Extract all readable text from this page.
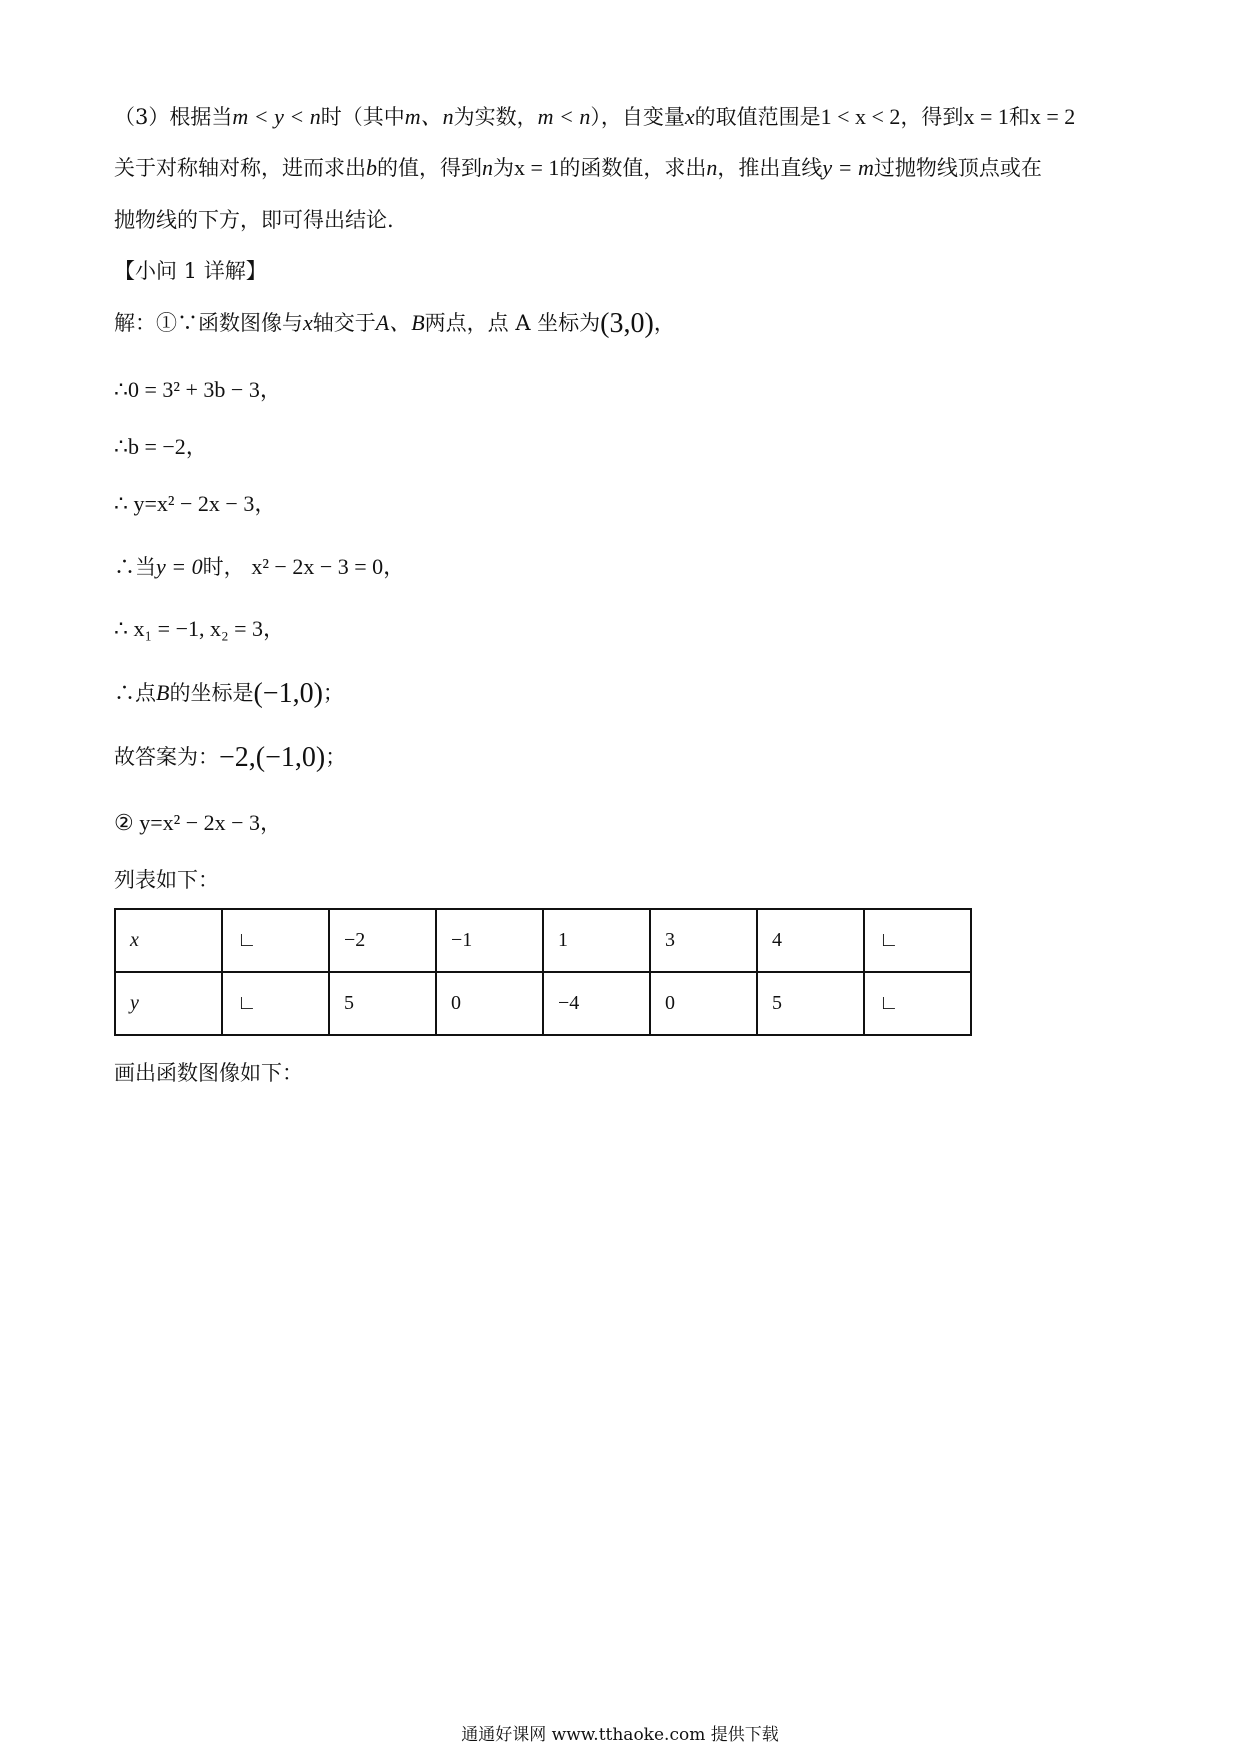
（3）根据当m < y < n时（其中m、n为实数，m < n），自变量x的取值范围是1 < x < 2，得到x = 1和x = 2
关于对称轴对称，进而求出b的值，得到n为x = 1的函数值，求出n，推出直线y = m过抛物线顶点或在
抛物线的下方，即可得出结论.
【小问 1 详解】
解：①∵函数图像与x轴交于A、B两点，点 A 坐标为(3,0)，
∴0 = 3² + 3b − 3，
∴b = −2，
∴ y=x² − 2x − 3，
∴当y = 0时， x² − 2x − 3 = 0，
∴ x₁ = −1, x₂ = 3，
∴点B的坐标是(−1,0)；
故答案为：−2,(−1,0)；
② y=x² − 2x − 3，
列表如下：
x	∟	−2	−1	1	3	4	∟
y	∟	5	0	−4	0	5	∟
画出函数图像如下：
通通好课网 www.tthaoke.com 提供下载
